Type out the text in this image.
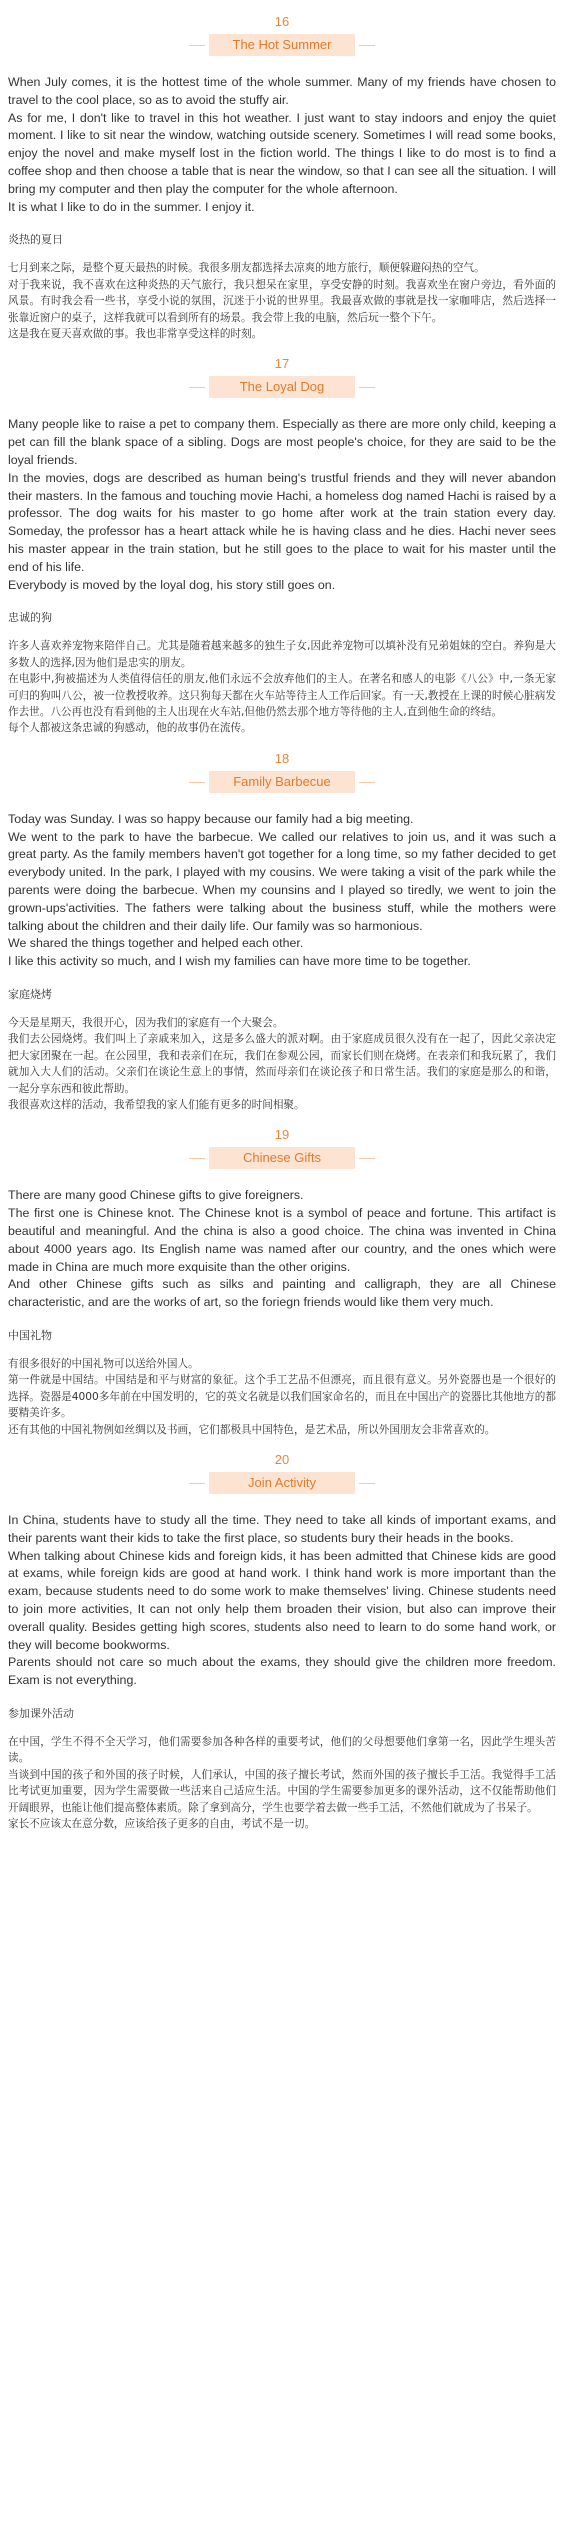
16
The Hot Summer

When July comes, it is the hottest time of the whole summer. Many of my friends have chosen to travel to the cool place, so as to avoid the stuffy air.

As for me, I don't like to travel in this hot weather. I just want to stay indoors and enjoy the quiet moment. I like to sit near the window, watching outside scenery. Sometimes I will read some books, enjoy the novel and make myself lost in the fiction world. The things I like to do most is to find a coffee shop and then choose a table that is near the window, so that I can see all the situation. I will bring my computer and then play the computer for the whole afternoon.

It is what I like to do in the summer. I enjoy it.

炎热的夏日

七月到来之际，是整个夏天最热的时候。我很多朋友都选择去凉爽的地方旅行，顺便躲避闷热的空气。

对于我来说，我不喜欢在这种炎热的天气旅行，我只想呆在家里，享受安静的时刻。我喜欢坐在窗户旁边，看外面的风景。有时我会看一些书，享受小说的氛围，沉迷于小说的世界里。我最喜欢做的事就是找一家咖啡店，然后选择一张靠近窗户的桌子，这样我就可以看到所有的场景。我会带上我的电脑，然后玩一整个下午。

这是我在夏天喜欢做的事。我也非常享受这样的时刻。

17
The Loyal Dog

Many people like to raise a pet to company them. Especially as there are more only child, keeping a pet can fill the blank space of a sibling. Dogs are most people's choice, for they are said to be the loyal friends.

In the movies, dogs are described as human being's trustful friends and they will never abandon their masters. In the famous and touching movie Hachi, a homeless dog named Hachi is raised by a professor. The dog waits for his master to go home after work at the train station every day. Someday, the professor has a heart attack while he is having class and he dies. Hachi never sees his master appear in the train station, but he still goes to the place to wait for his master until the end of his life.

Everybody is moved by the loyal dog, his story still goes on.

忠诚的狗

许多人喜欢养宠物来陪伴自己。尤其是随着越来越多的独生子女,因此养宠物可以填补没有兄弟姐妹的空白。养狗是大多数人的选择,因为他们是忠实的朋友。

在电影中,狗被描述为人类值得信任的朋友,他们永远不会放弃他们的主人。在著名和感人的电影《八公》中,一条无家可归的狗叫八公，被一位教授收养。这只狗每天都在火车站等待主人工作后回家。有一天,教授在上课的时候心脏病发作去世。八公再也没有看到他的主人出现在火车站,但他仍然去那个地方等待他的主人,直到他生命的终结。

每个人都被这条忠诚的狗感动，他的故事仍在流传。

18
Family Barbecue

Today was Sunday. I was so happy because our family had a big meeting.

We went to the park to have the barbecue. We called our relatives to join us, and it was such a great party. As the family members haven't got together for a long time, so my father decided to get everybody united. In the park, I played with my cousins. We were taking a visit of the park while the parents were doing the barbecue. When my counsins and I played so tiredly, we went to join the grown-ups'activities. The fathers were talking about the business stuff, while the mothers were talking about the children and their daily life. Our family was so harmonious.

We shared the things together and helped each other.

I like this activity so much, and I wish my families can have more time to be together.

家庭烧烤

今天是星期天，我很开心，因为我们的家庭有一个大聚会。

我们去公园烧烤。我们叫上了亲戚来加入，这是多么盛大的派对啊。由于家庭成员很久没有在一起了，因此父亲决定把大家团聚在一起。在公园里，我和表亲们在玩，我们在参观公园，而家长们则在烧烤。在表亲们和我玩累了，我们就加入大人们的活动。父亲们在谈论生意上的事情，然而母亲们在谈论孩子和日常生活。我们的家庭是那么的和谐，一起分享东西和彼此帮助。

我很喜欢这样的活动，我希望我的家人们能有更多的时间相聚。

19
Chinese Gifts

There are many good Chinese gifts to give foreigners.

The first one is Chinese knot. The Chinese knot is a symbol of peace and fortune. This artifact is beautiful and meaningful. And the china is also a good choice. The china was invented in China about 4000 years ago. Its English name was named after our country, and the ones which were made in China are much more exquisite than the other origins.

And other Chinese gifts such as silks and painting and calligraph, they are all Chinese characteristic, and are the works of art, so the foriegn friends would like them very much.

中国礼物

有很多很好的中国礼物可以送给外国人。

第一件就是中国结。中国结是和平与财富的象征。这个手工艺品不但漂亮，而且很有意义。另外瓷器也是一个很好的选择。瓷器是4000多年前在中国发明的，它的英文名就是以我们国家命名的，而且在中国出产的瓷器比其他地方的都要精美许多。

还有其他的中国礼物例如丝绸以及书画，它们都极具中国特色，是艺术品，所以外国朋友会非常喜欢的。

20
Join Activity

In China, students have to study all the time. They need to take all kinds of important exams, and their parents want their kids to take the first place, so students bury their heads in the books.

When talking about Chinese kids and foreign kids, it has been admitted that Chinese kids are good at exams, while foreign kids are good at hand work. I think hand work is more important than the exam, because students need to do some work to make themselves' living. Chinese students need to join more activities, It can not only help them broaden their vision, but also can improve their overall quality. Besides getting high scores, students also need to learn to do some hand work, or they will become bookworms.

Parents should not care so much about the exams, they should give the children more freedom. Exam is not everything.

参加课外活动

在中国，学生不得不全天学习，他们需要参加各种各样的重要考试，他们的父母想要他们拿第一名，因此学生埋头苦读。

当谈到中国的孩子和外国的孩子时候，人们承认，中国的孩子擅长考试，然而外国的孩子擅长手工活。我觉得手工活比考试更加重要，因为学生需要做一些活来自己适应生活。中国的学生需要参加更多的课外活动，这不仅能帮助他们开阔眼界，也能让他们提高整体素质。除了拿到高分，学生也要学着去做一些手工活，不然他们就成为了书呆子。

家长不应该太在意分数，应该给孩子更多的自由，考试不是一切。
